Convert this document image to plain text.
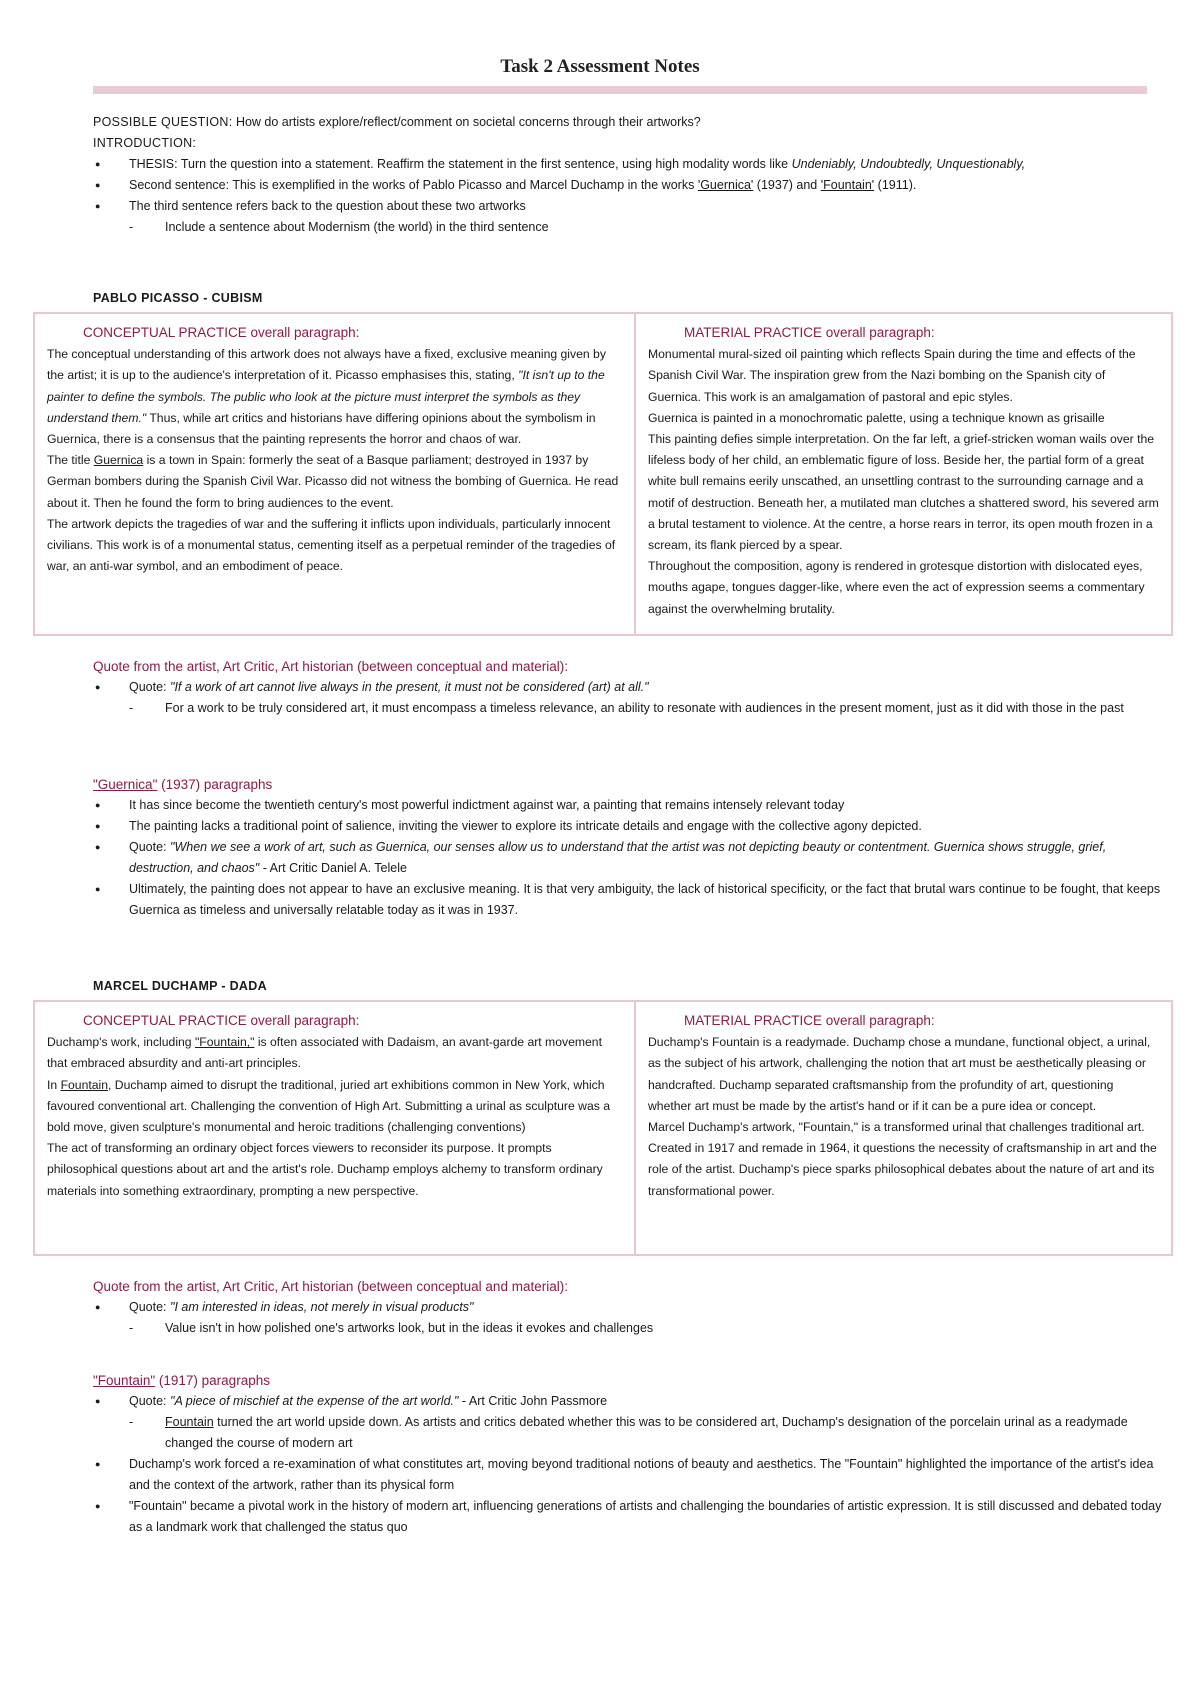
Task 2 Assessment Notes

POSSIBLE QUESTION: How do artists explore/reflect/comment on societal concerns through their artworks?

INTRODUCTION:

● THESIS: Turn the question into a statement. Reaffirm the statement in the first sentence, using high modality words like Undeniably, Undoubtedly, Unquestionably,
● Second sentence: This is exemplified in the works of Pablo Picasso and Marcel Duchamp in the works 'Guernica' (1937) and 'Fountain' (1911).
● The third sentence refers back to the question about these two artworks
- Include a sentence about Modernism (the world) in the third sentence
PABLO PICASSO - CUBISM
CONCEPTUAL PRACTICE overall paragraph:

The conceptual understanding of this artwork does not always have a fixed, exclusive meaning given by the artist; it is up to the audience's interpretation of it. Picasso emphasises this, stating, "It isn't up to the painter to define the symbols. The public who look at the picture must interpret the symbols as they understand them." Thus, while art critics and historians have differing opinions about the symbolism in Guernica, there is a consensus that the painting represents the horror and chaos of war.

The title Guernica is a town in Spain: formerly the seat of a Basque parliament; destroyed in 1937 by German bombers during the Spanish Civil War. Picasso did not witness the bombing of Guernica. He read about it. Then he found the form to bring audiences to the event.

The artwork depicts the tragedies of war and the suffering it inflicts upon individuals, particularly innocent civilians. This work is of a monumental status, cementing itself as a perpetual reminder of the tragedies of war, an anti-war symbol, and an embodiment of peace.

MATERIAL PRACTICE overall paragraph:

Monumental mural-sized oil painting which reflects Spain during the time and effects of the Spanish Civil War. The inspiration grew from the Nazi bombing on the Spanish city of Guernica. This work is an amalgamation of pastoral and epic styles.

Guernica is painted in a monochromatic palette, using a technique known as grisaille

This painting defies simple interpretation. On the far left, a grief-stricken woman wails over the lifeless body of her child, an emblematic figure of loss. Beside her, the partial form of a great white bull remains eerily unscathed, an unsettling contrast to the surrounding carnage and a motif of destruction. Beneath her, a mutilated man clutches a shattered sword, his severed arm a brutal testament to violence. At the centre, a horse rears in terror, its open mouth frozen in a scream, its flank pierced by a spear.

Throughout the composition, agony is rendered in grotesque distortion with dislocated eyes, mouths agape, tongues dagger-like, where even the act of expression seems a commentary against the overwhelming brutality.

Quote from the artist, Art Critic, Art historian (between conceptual and material):

● Quote: "If a work of art cannot live always in the present, it must not be considered (art) at all."
- For a work to be truly considered art, it must encompass a timeless relevance, an ability to resonate with audiences in the present moment, just as it did with those in the past

"Guernica" (1937) paragraphs

● It has since become the twentieth century's most powerful indictment against war, a painting that remains intensely relevant today
● The painting lacks a traditional point of salience, inviting the viewer to explore its intricate details and engage with the collective agony depicted.
● Quote: "When we see a work of art, such as Guernica, our senses allow us to understand that the artist was not depicting beauty or contentment. Guernica shows struggle, grief, destruction, and chaos" - Art Critic Daniel A. Telele
● Ultimately, the painting does not appear to have an exclusive meaning. It is that very ambiguity, the lack of historical specificity, or the fact that brutal wars continue to be fought, that keeps Guernica as timeless and universally relatable today as it was in 1937.
MARCEL DUCHAMP - DADA
CONCEPTUAL PRACTICE overall paragraph:

Duchamp's work, including "Fountain," is often associated with Dadaism, an avant-garde art movement that embraced absurdity and anti-art principles.

In Fountain, Duchamp aimed to disrupt the traditional, juried art exhibitions common in New York, which favoured conventional art. Challenging the convention of High Art. Submitting a urinal as sculpture was a bold move, given sculpture's monumental and heroic traditions (challenging conventions)

The act of transforming an ordinary object forces viewers to reconsider its purpose. It prompts philosophical questions about art and the artist's role. Duchamp employs alchemy to transform ordinary materials into something extraordinary, prompting a new perspective.

MATERIAL PRACTICE overall paragraph:

Duchamp's Fountain is a readymade. Duchamp chose a mundane, functional object, a urinal, as the subject of his artwork, challenging the notion that art must be aesthetically pleasing or handcrafted. Duchamp separated craftsmanship from the profundity of art, questioning whether art must be made by the artist's hand or if it can be a pure idea or concept.

Marcel Duchamp's artwork, "Fountain," is a transformed urinal that challenges traditional art. Created in 1917 and remade in 1964, it questions the necessity of craftsmanship in art and the role of the artist. Duchamp's piece sparks philosophical debates about the nature of art and its transformational power.

Quote from the artist, Art Critic, Art historian (between conceptual and material):

● Quote: "I am interested in ideas, not merely in visual products"
- Value isn't in how polished one's artworks look, but in the ideas it evokes and challenges

"Fountain" (1917) paragraphs

● Quote: "A piece of mischief at the expense of the art world." - Art Critic John Passmore
- Fountain turned the art world upside down. As artists and critics debated whether this was to be considered art, Duchamp's designation of the porcelain urinal as a readymade changed the course of modern art
● Duchamp's work forced a re-examination of what constitutes art, moving beyond traditional notions of beauty and aesthetics. The "Fountain" highlighted the importance of the artist's idea and the context of the artwork, rather than its physical form
● "Fountain" became a pivotal work in the history of modern art, influencing generations of artists and challenging the boundaries of artistic expression. It is still discussed and debated today as a landmark work that challenged the status quo
